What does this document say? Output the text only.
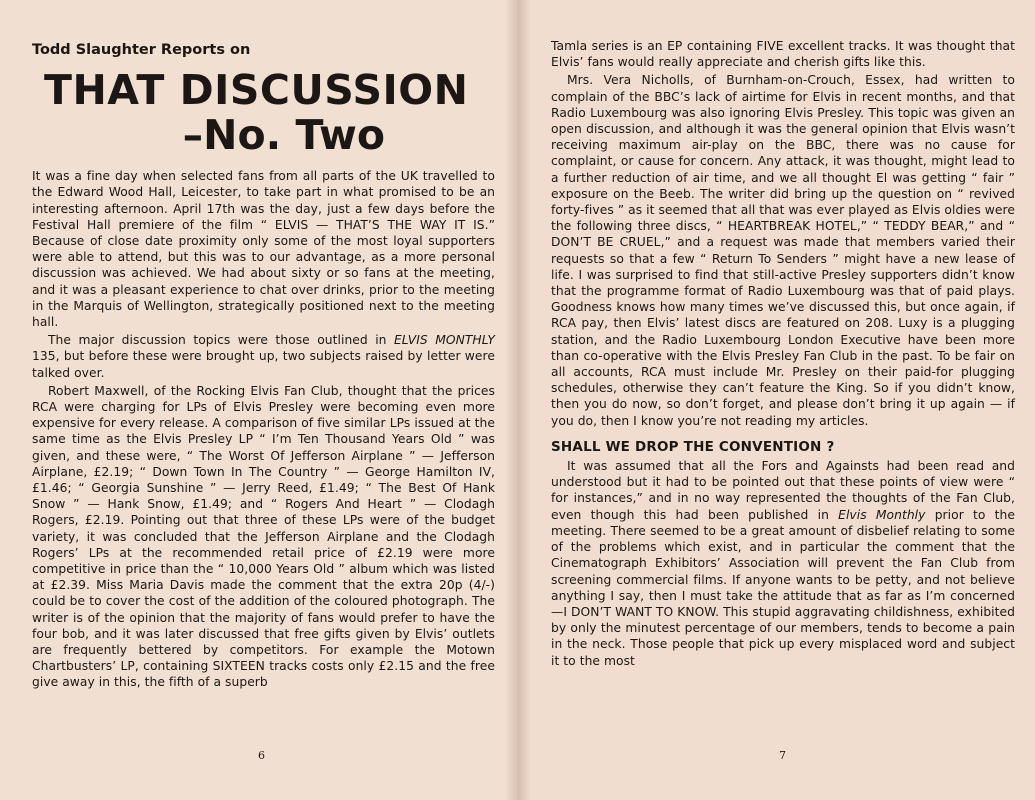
Todd Slaughter Reports on
THAT DISCUSSION
–No. Two

It was a fine day when selected fans from all parts of the UK travelled to the Edward Wood Hall, Leicester, to take part in what promised to be an interesting afternoon. April 17th was the day, just a few days before the Festival Hall premiere of the film “ ELVIS — THAT’S THE WAY IT IS.” Because of close date proximity only some of the most loyal supporters were able to attend, but this was to our advantage, as a more personal discussion was achieved. We had about sixty or so fans at the meeting, and it was a pleasant experience to chat over drinks, prior to the meeting in the Marquis of Wellington, strategically positioned next to the meeting hall.

The major discussion topics were those outlined in ELVIS MONTHLY 135, but before these were brought up, two subjects raised by letter were talked over.

Robert Maxwell, of the Rocking Elvis Fan Club, thought that the prices RCA were charging for LPs of Elvis Presley were becoming even more expensive for every release. A comparison of five similar LPs issued at the same time as the Elvis Presley LP “ I’m Ten Thousand Years Old ” was given, and these were, “ The Worst Of Jefferson Airplane ” — Jefferson Airplane, £2.19; “ Down Town In The Country ” — George Hamilton IV, £1.46; “ Georgia Sunshine ” — Jerry Reed, £1.49; “ The Best Of Hank Snow ” — Hank Snow, £1.49; and “ Rogers And Heart ” — Clodagh Rogers, £2.19. Pointing out that three of these LPs were of the budget variety, it was concluded that the Jefferson Airplane and the Clodagh Rogers’ LPs at the recommended retail price of £2.19 were more competitive in price than the “ 10,000 Years Old ” album which was listed at £2.39. Miss Maria Davis made the comment that the extra 20p (4/-) could be to cover the cost of the addition of the coloured photograph. The writer is of the opinion that the majority of fans would prefer to have the four bob, and it was later discussed that free gifts given by Elvis’ outlets are frequently bettered by competitors. For example the Motown Chartbusters’ LP, containing SIXTEEN tracks costs only £2.15 and the free give away in this, the fifth of a superb

6

Tamla series is an EP containing FIVE excellent tracks. It was thought that Elvis’ fans would really appreciate and cherish gifts like this.

Mrs. Vera Nicholls, of Burnham-on-Crouch, Essex, had written to complain of the BBC’s lack of airtime for Elvis in recent months, and that Radio Luxembourg was also ignoring Elvis Presley. This topic was given an open discussion, and although it was the general opinion that Elvis wasn’t receiving maximum air-play on the BBC, there was no cause for complaint, or cause for concern. Any attack, it was thought, might lead to a further reduction of air time, and we all thought El was getting “ fair ” exposure on the Beeb. The writer did bring up the question on “ revived forty-fives ” as it seemed that all that was ever played as Elvis oldies were the following three discs, “ HEARTBREAK HOTEL,” “ TEDDY BEAR,” and “ DON’T BE CRUEL,” and a request was made that members varied their requests so that a few “ Return To Senders ” might have a new lease of life. I was surprised to find that still-active Presley supporters didn’t know that the programme format of Radio Luxembourg was that of paid plays. Goodness knows how many times we’ve discussed this, but once again, if RCA pay, then Elvis’ latest discs are featured on 208. Luxy is a plugging station, and the Radio Luxembourg London Executive have been more than co-operative with the Elvis Presley Fan Club in the past. To be fair on all accounts, RCA must include Mr. Presley on their paid-for plugging schedules, otherwise they can’t feature the King. So if you didn’t know, then you do now, so don’t forget, and please don’t bring it up again — if you do, then I know you’re not reading my articles.

SHALL WE DROP THE CONVENTION ?

It was assumed that all the Fors and Againsts had been read and understood but it had to be pointed out that these points of view were “ for instances,” and in no way represented the thoughts of the Fan Club, even though this had been published in Elvis Monthly prior to the meeting. There seemed to be a great amount of disbelief relating to some of the problems which exist, and in particular the comment that the Cinematograph Exhibitors’ Association will prevent the Fan Club from screening commercial films. If anyone wants to be petty, and not believe anything I say, then I must take the attitude that as far as I’m concerned—I DON’T WANT TO KNOW. This stupid aggravating childishness, exhibited by only the minutest percentage of our members, tends to become a pain in the neck. Those people that pick up every misplaced word and subject it to the most

7
